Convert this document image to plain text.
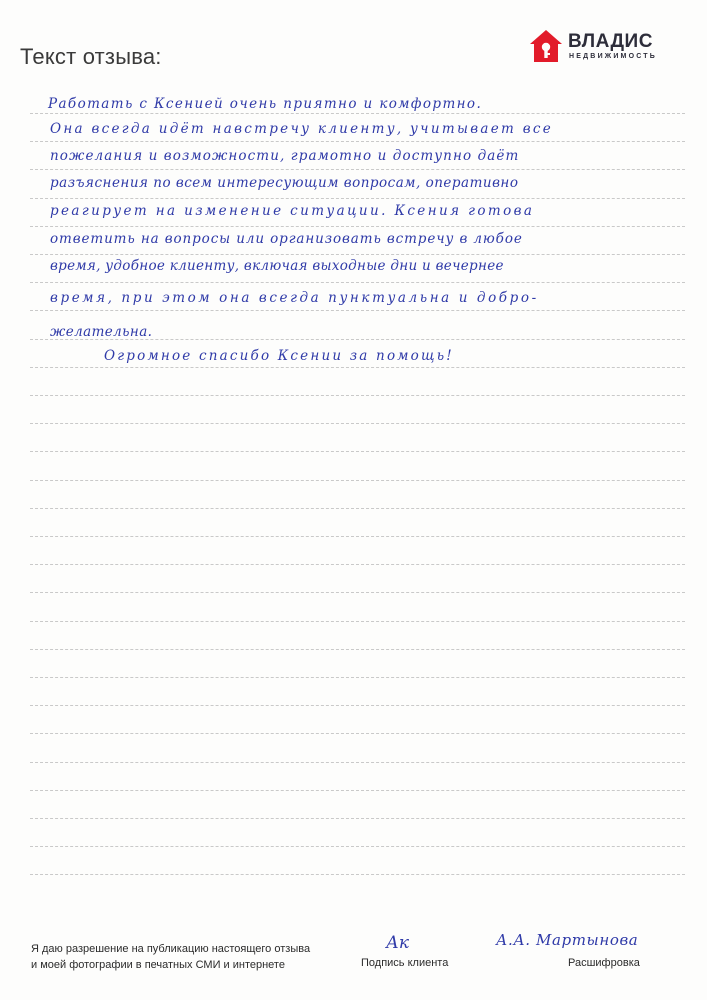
Текст отзыва:
ВЛАДИС
НЕДВИЖИМОСТЬ
Работать с Ксенией очень приятно и комфортно.
Она всегда идёт навстречу клиенту, учитывает все
пожелания и возможности, грамотно и доступно даёт
разъяснения по всем интересующим вопросам, оперативно
реагирует на изменение ситуации. Ксения готова
ответить на вопросы или организовать встречу в любое
время, удобное клиенту, включая выходные дни и вечернее
время, при этом она всегда пунктуальна и добро-
желательна.
Огромное спасибо Ксении за помощь!
Я даю разрешение на публикацию настоящего отзыва
и моей фотографии в печатных СМИ и интернете
Ак	А.А. Мартынова
Подпись клиента	Расшифровка
